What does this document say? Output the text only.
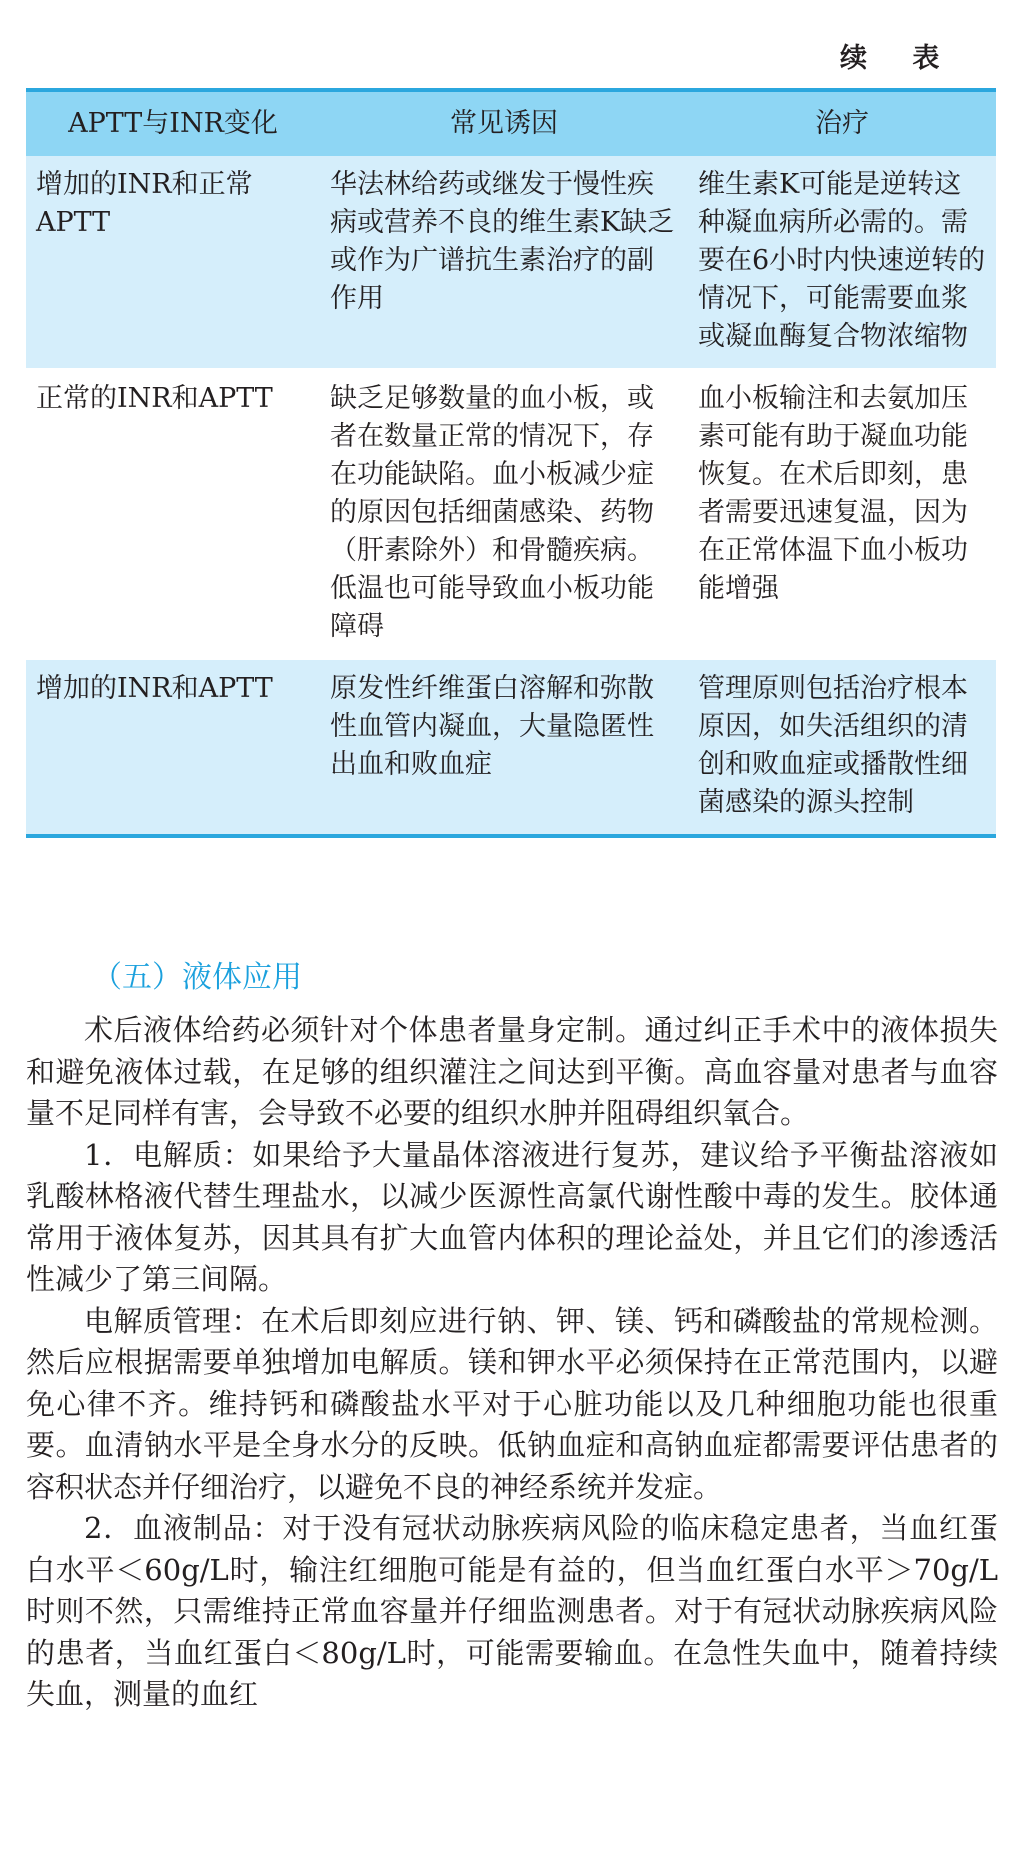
续 表
APTT与INR变化	常见诱因	治疗
增加的INR和正常APTT	华法林给药或继发于慢性疾病或营养不良的维生素K缺乏或作为广谱抗生素治疗的副作用	维生素K可能是逆转这种凝血病所必需的。需要在6小时内快速逆转的情况下，可能需要血浆或凝血酶复合物浓缩物
正常的INR和APTT	缺乏足够数量的血小板，或者在数量正常的情况下，存在功能缺陷。血小板减少症的原因包括细菌感染、药物（肝素除外）和骨髓疾病。低温也可能导致血小板功能障碍	血小板输注和去氨加压素可能有助于凝血功能恢复。在术后即刻，患者需要迅速复温，因为在正常体温下血小板功能增强
增加的INR和APTT	原发性纤维蛋白溶解和弥散性血管内凝血，大量隐匿性出血和败血症	管理原则包括治疗根本原因，如失活组织的清创和败血症或播散性细菌感染的源头控制
（五）液体应用

术后液体给药必须针对个体患者量身定制。通过纠正手术中的液体损失和避免液体过载，在足够的组织灌注之间达到平衡。高血容量对患者与血容量不足同样有害，会导致不必要的组织水肿并阻碍组织氧合。

1．电解质：如果给予大量晶体溶液进行复苏，建议给予平衡盐溶液如乳酸林格液代替生理盐水，以减少医源性高氯代谢性酸中毒的发生。胶体通常用于液体复苏，因其具有扩大血管内体积的理论益处，并且它们的渗透活性减少了第三间隔。

电解质管理：在术后即刻应进行钠、钾、镁、钙和磷酸盐的常规检测。然后应根据需要单独增加电解质。镁和钾水平必须保持在正常范围内，以避免心律不齐。维持钙和磷酸盐水平对于心脏功能以及几种细胞功能也很重要。血清钠水平是全身水分的反映。低钠血症和高钠血症都需要评估患者的容积状态并仔细治疗，以避免不良的神经系统并发症。

2．血液制品：对于没有冠状动脉疾病风险的临床稳定患者，当血红蛋白水平＜60g/L时，输注红细胞可能是有益的，但当血红蛋白水平＞70g/L时则不然，只需维持正常血容量并仔细监测患者。对于有冠状动脉疾病风险的患者，当血红蛋白＜80g/L时，可能需要输血。在急性失血中，随着持续失血，测量的血红
